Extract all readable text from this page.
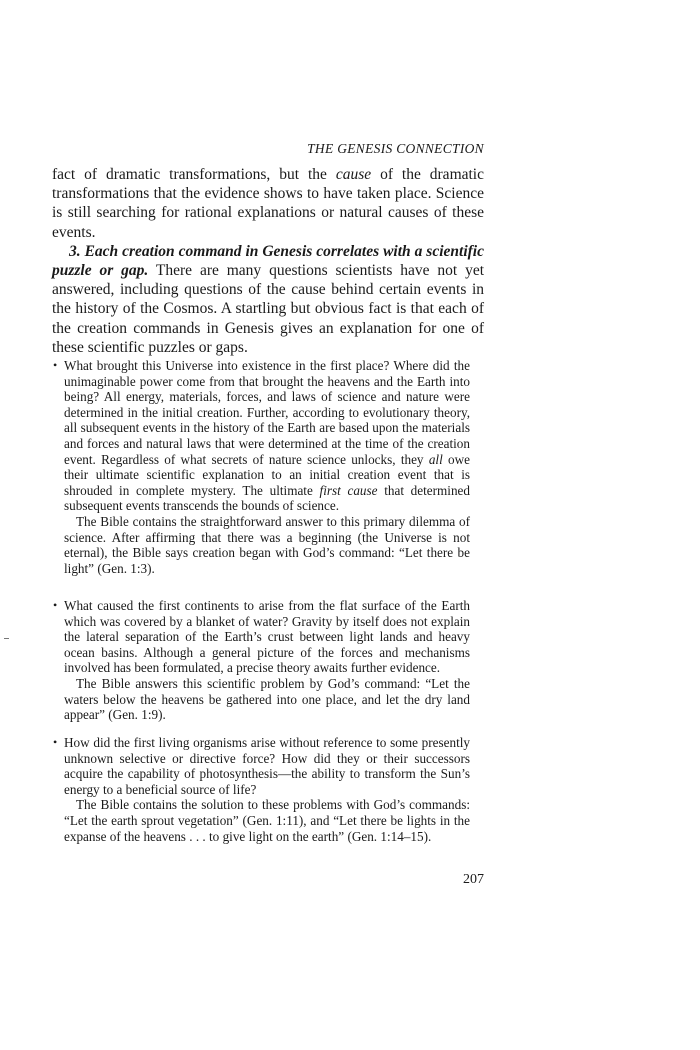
THE GENESIS CONNECTION

fact of dramatic transformations, but the cause of the dramatic transformations that the evidence shows to have taken place. Science is still searching for rational explanations or natural causes of these events.

3. Each creation command in Genesis correlates with a scientific puzzle or gap. There are many questions scientists have not yet answered, including questions of the cause behind certain events in the history of the Cosmos. A startling but obvious fact is that each of the creation commands in Genesis gives an explanation for one of these scientific puzzles or gaps.

• What brought this Universe into existence in the first place? Where did the unimaginable power come from that brought the heavens and the Earth into being? All energy, materials, forces, and laws of science and nature were determined in the initial creation. Further, according to evolutionary theory, all subsequent events in the history of the Earth are based upon the materials and forces and natural laws that were determined at the time of the creation event. Regardless of what secrets of nature science unlocks, they all owe their ultimate scientific explanation to an initial creation event that is shrouded in complete mystery. The ultimate first cause that determined subsequent events transcends the bounds of science.

The Bible contains the straightforward answer to this primary dilemma of science. After affirming that there was a beginning (the Universe is not eternal), the Bible says creation began with God’s command: “Let there be light” (Gen. 1:3).

• What caused the first continents to arise from the flat surface of the Earth which was covered by a blanket of water? Gravity by itself does not explain the lateral separation of the Earth’s crust between light lands and heavy ocean basins. Although a general picture of the forces and mechanisms involved has been formulated, a precise theory awaits further evidence.

The Bible answers this scientific problem by God’s command: “Let the waters below the heavens be gathered into one place, and let the dry land appear” (Gen. 1:9).

• How did the first living organisms arise without reference to some presently unknown selective or directive force? How did they or their successors acquire the capability of photosynthesis—the ability to transform the Sun’s energy to a beneficial source of life?

The Bible contains the solution to these problems with God’s commands: “Let the earth sprout vegetation” (Gen. 1:11), and “Let there be lights in the expanse of the heavens . . . to give light on the earth” (Gen. 1:14–15).

207
